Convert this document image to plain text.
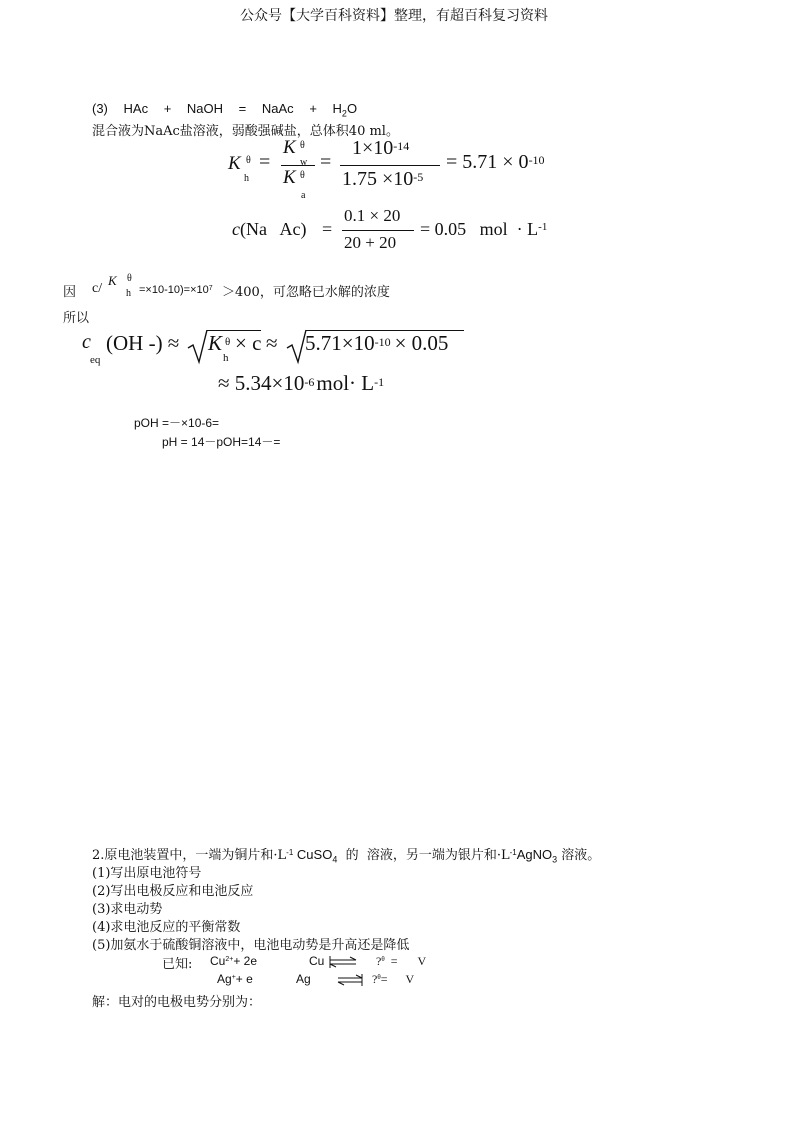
公众号【大学百科资料】整理，有超百科复习资料
(3) HAc + NaOH = NaAc + $H_2O$
混合液为NaAc盐溶液，弱酸强碱盐，总体积40 ml。
K θ
h
=
K θ
w
K θ
a
=
$1\times 10^{-14}$
$1.75 \times 10^{-5}$
= $5.71 \times 0^{-10}$
c(Na   Ac) =
0.1 × 20
20 + 20
= 0.05   mol  · $L^{-1}$
因 c/
K θ
$h =\times 10-10)=\times 10^7 >400$，可忽略已水解的浓度
所以
c
eq
(OH -) ≈ K θ
h
× c ≈ 5.71×10-10 × 0.05
≈ 5.34×10-6mol· L-1
pOH =－×10-6=
pH = 14－pOH=14－=
2.原电池装置中，一端为铜片和$\cdot L^{-1}$ CuSO$_4$  的  溶液，另一端为银片和$\cdot L^{-1}AgNO_3$ 溶液。
(1)写出原电池符号
(2)写出电极反应和电池反应
(3)求电动势
(4)求电池反应的平衡常数
(5)加氨水于硫酸铜溶液中，电池电动势是升高还是降低
已知: $Cu^{2+}+ 2e$	Cu ⇌ ?$^\theta$ = V
Ag++ e	Ag ⇌ ?$^\theta$= V
解：电对的电极电势分别为：
